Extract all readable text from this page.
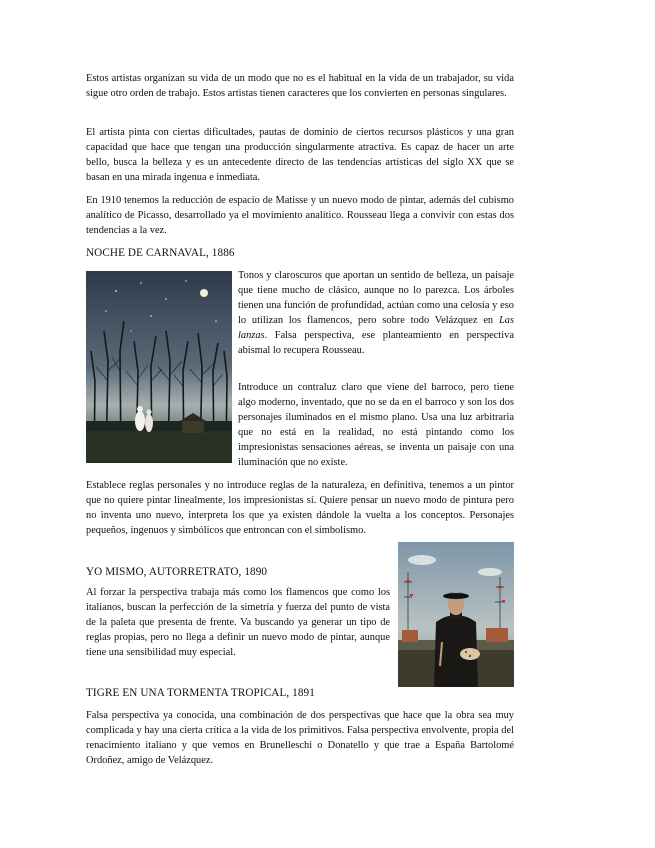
Estos artistas organizan su vida de un modo que no es el habitual en la vida de un trabajador, su vida sigue otro orden de trabajo. Estos artistas tienen caracteres que los convierten en personas singulares.

El artista pinta con ciertas dificultades, pautas de dominio de ciertos recursos plásticos y una gran capacidad que hace que tengan una producción singularmente atractiva. Es capaz de hacer un arte bello, busca la belleza y es un antecedente directo de las tendencias artísticas del siglo XX que se basan en una mirada ingenua e inmediata.

En 1910 tenemos la reducción de espacio de Matisse y un nuevo modo de pintar, además del cubismo analítico de Picasso, desarrollado ya el movimiento analítico. Rousseau llega a convivir con estas dos tendencias a la vez.

NOCHE DE CARNAVAL, 1886

Tonos y claroscuros que aportan un sentido de belleza, un paisaje que tiene mucho de clásico, aunque no lo parezca. Los árboles tienen una función de profundidad, actúan como una celosía y eso lo utilizan los flamencos, pero sobre todo Velázquez en Las lanzas. Falsa perspectiva, ese planteamiento en perspectiva abismal lo recupera Rousseau.

Introduce un contraluz claro que viene del barroco, pero tiene algo moderno, inventado, que no se da en el barroco y son los dos personajes iluminados en el mismo plano. Usa una luz arbitraria que no está en la realidad, no está pintando como los impresionistas sensaciones aéreas, se inventa un paisaje con una iluminación que no existe.

Establece reglas personales y no introduce reglas de la naturaleza, en definitiva, tenemos a un pintor que no quiere pintar linealmente, los impresionistas sí. Quiere pensar un nuevo modo de pintura pero no inventa uno nuevo, interpreta los que ya existen dándole la vuelta a los conceptos. Personajes pequeños, ingenuos y simbólicos que entroncan con el simbolismo.

YO MISMO, AUTORRETRATO, 1890

Al forzar la perspectiva trabaja más como los flamencos que como los italianos, buscan la perfección de la simetría y fuerza del punto de vista de la paleta que presenta de frente. Va buscando ya generar un tipo de reglas propias, pero no llega a definir un nuevo modo de pintar, aunque tiene una sensibilidad muy especial.

TIGRE EN UNA TORMENTA TROPICAL, 1891

Falsa perspectiva ya conocida, una combinación de dos perspectivas que hace que la obra sea muy complicada y hay una cierta crítica a la vida de los primitivos. Falsa perspectiva envolvente, propia del renacimiento italiano y que vemos en Brunelleschi o Donatello y que trae a España Bartolomé Ordoñez, amigo de Velázquez.
